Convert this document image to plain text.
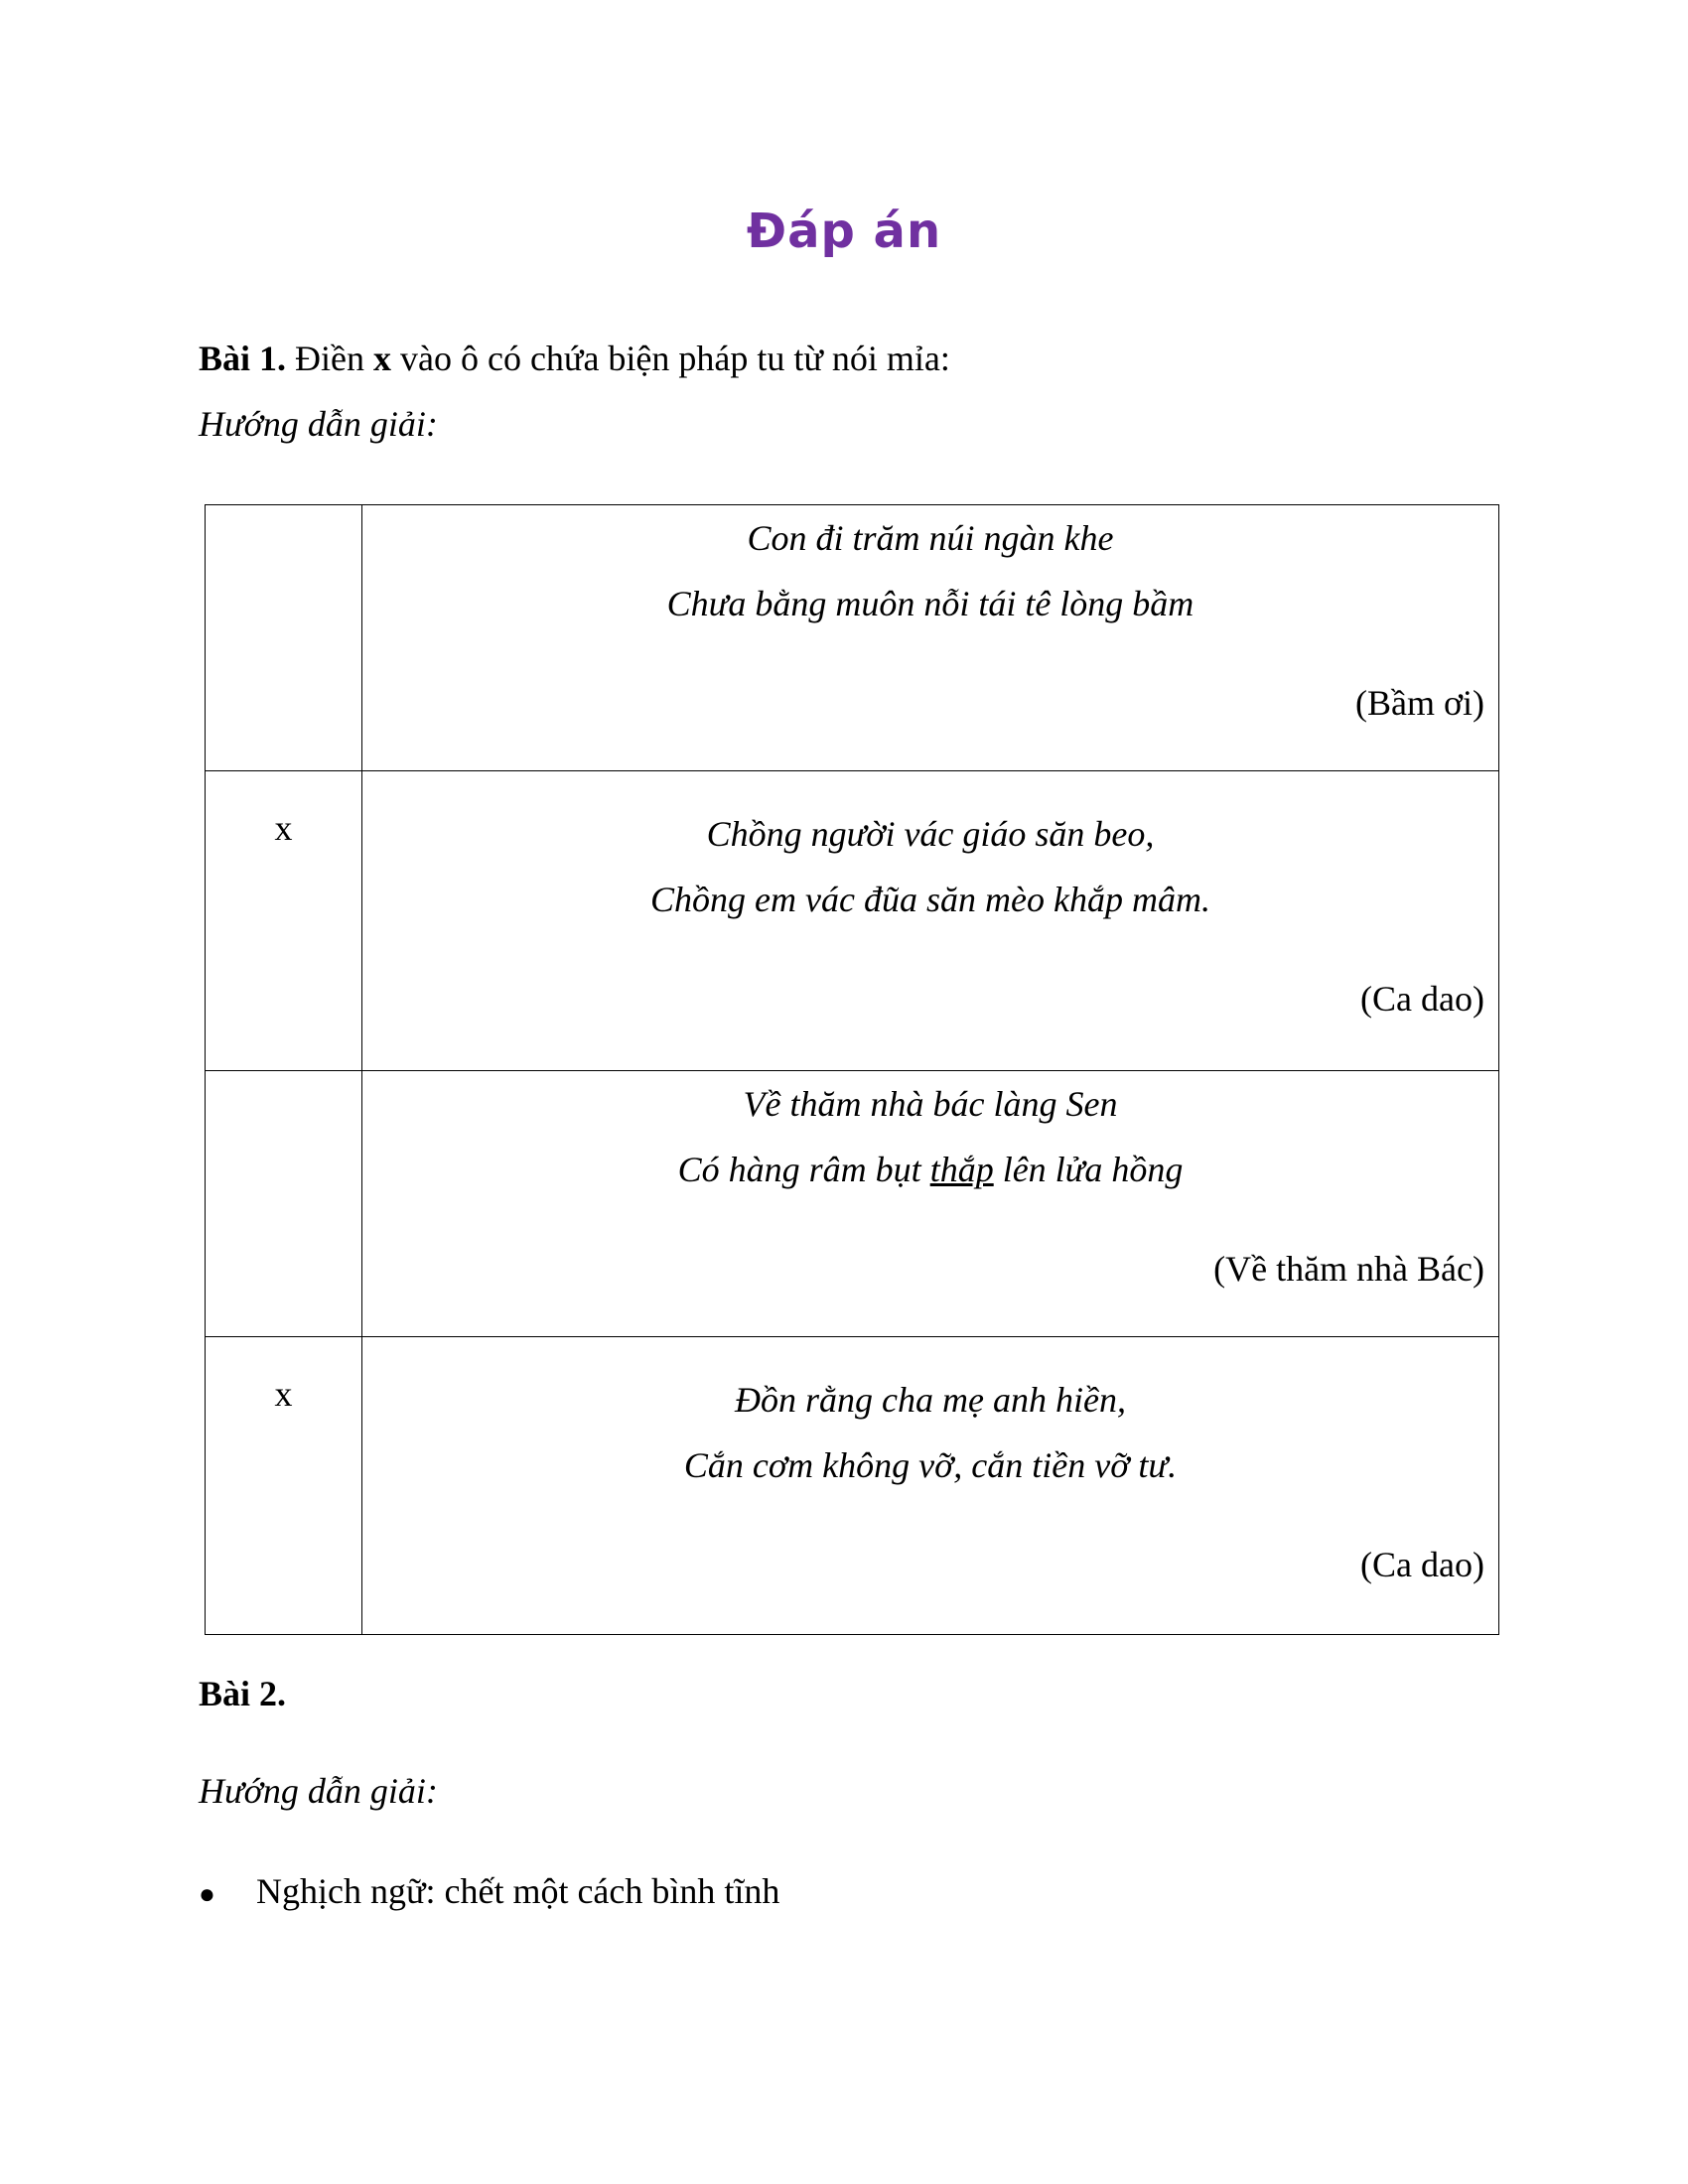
Đáp án
Bài 1. Điền x vào ô có chứa biện pháp tu từ nói mỉa:
Hướng dẫn giải:

	Con đi trăm núi ngàn khe
Chưa bằng muôn nỗi tái tê lòng bầm
(Bầm ơi)

x	Chồng người vác giáo săn beo,
Chồng em vác đũa săn mèo khắp mâm.
(Ca dao)

	Về thăm nhà bác làng Sen
Có hàng râm bụt thắp lên lửa hồng
(Về thăm nhà Bác)

x	Đồn rằng cha mẹ anh hiền,
Cắn cơm không vỡ, cắn tiền vỡ tư.
(Ca dao)
Bài 2.
Hướng dẫn giải:
● Nghịch ngữ: chết một cách bình tĩnh
